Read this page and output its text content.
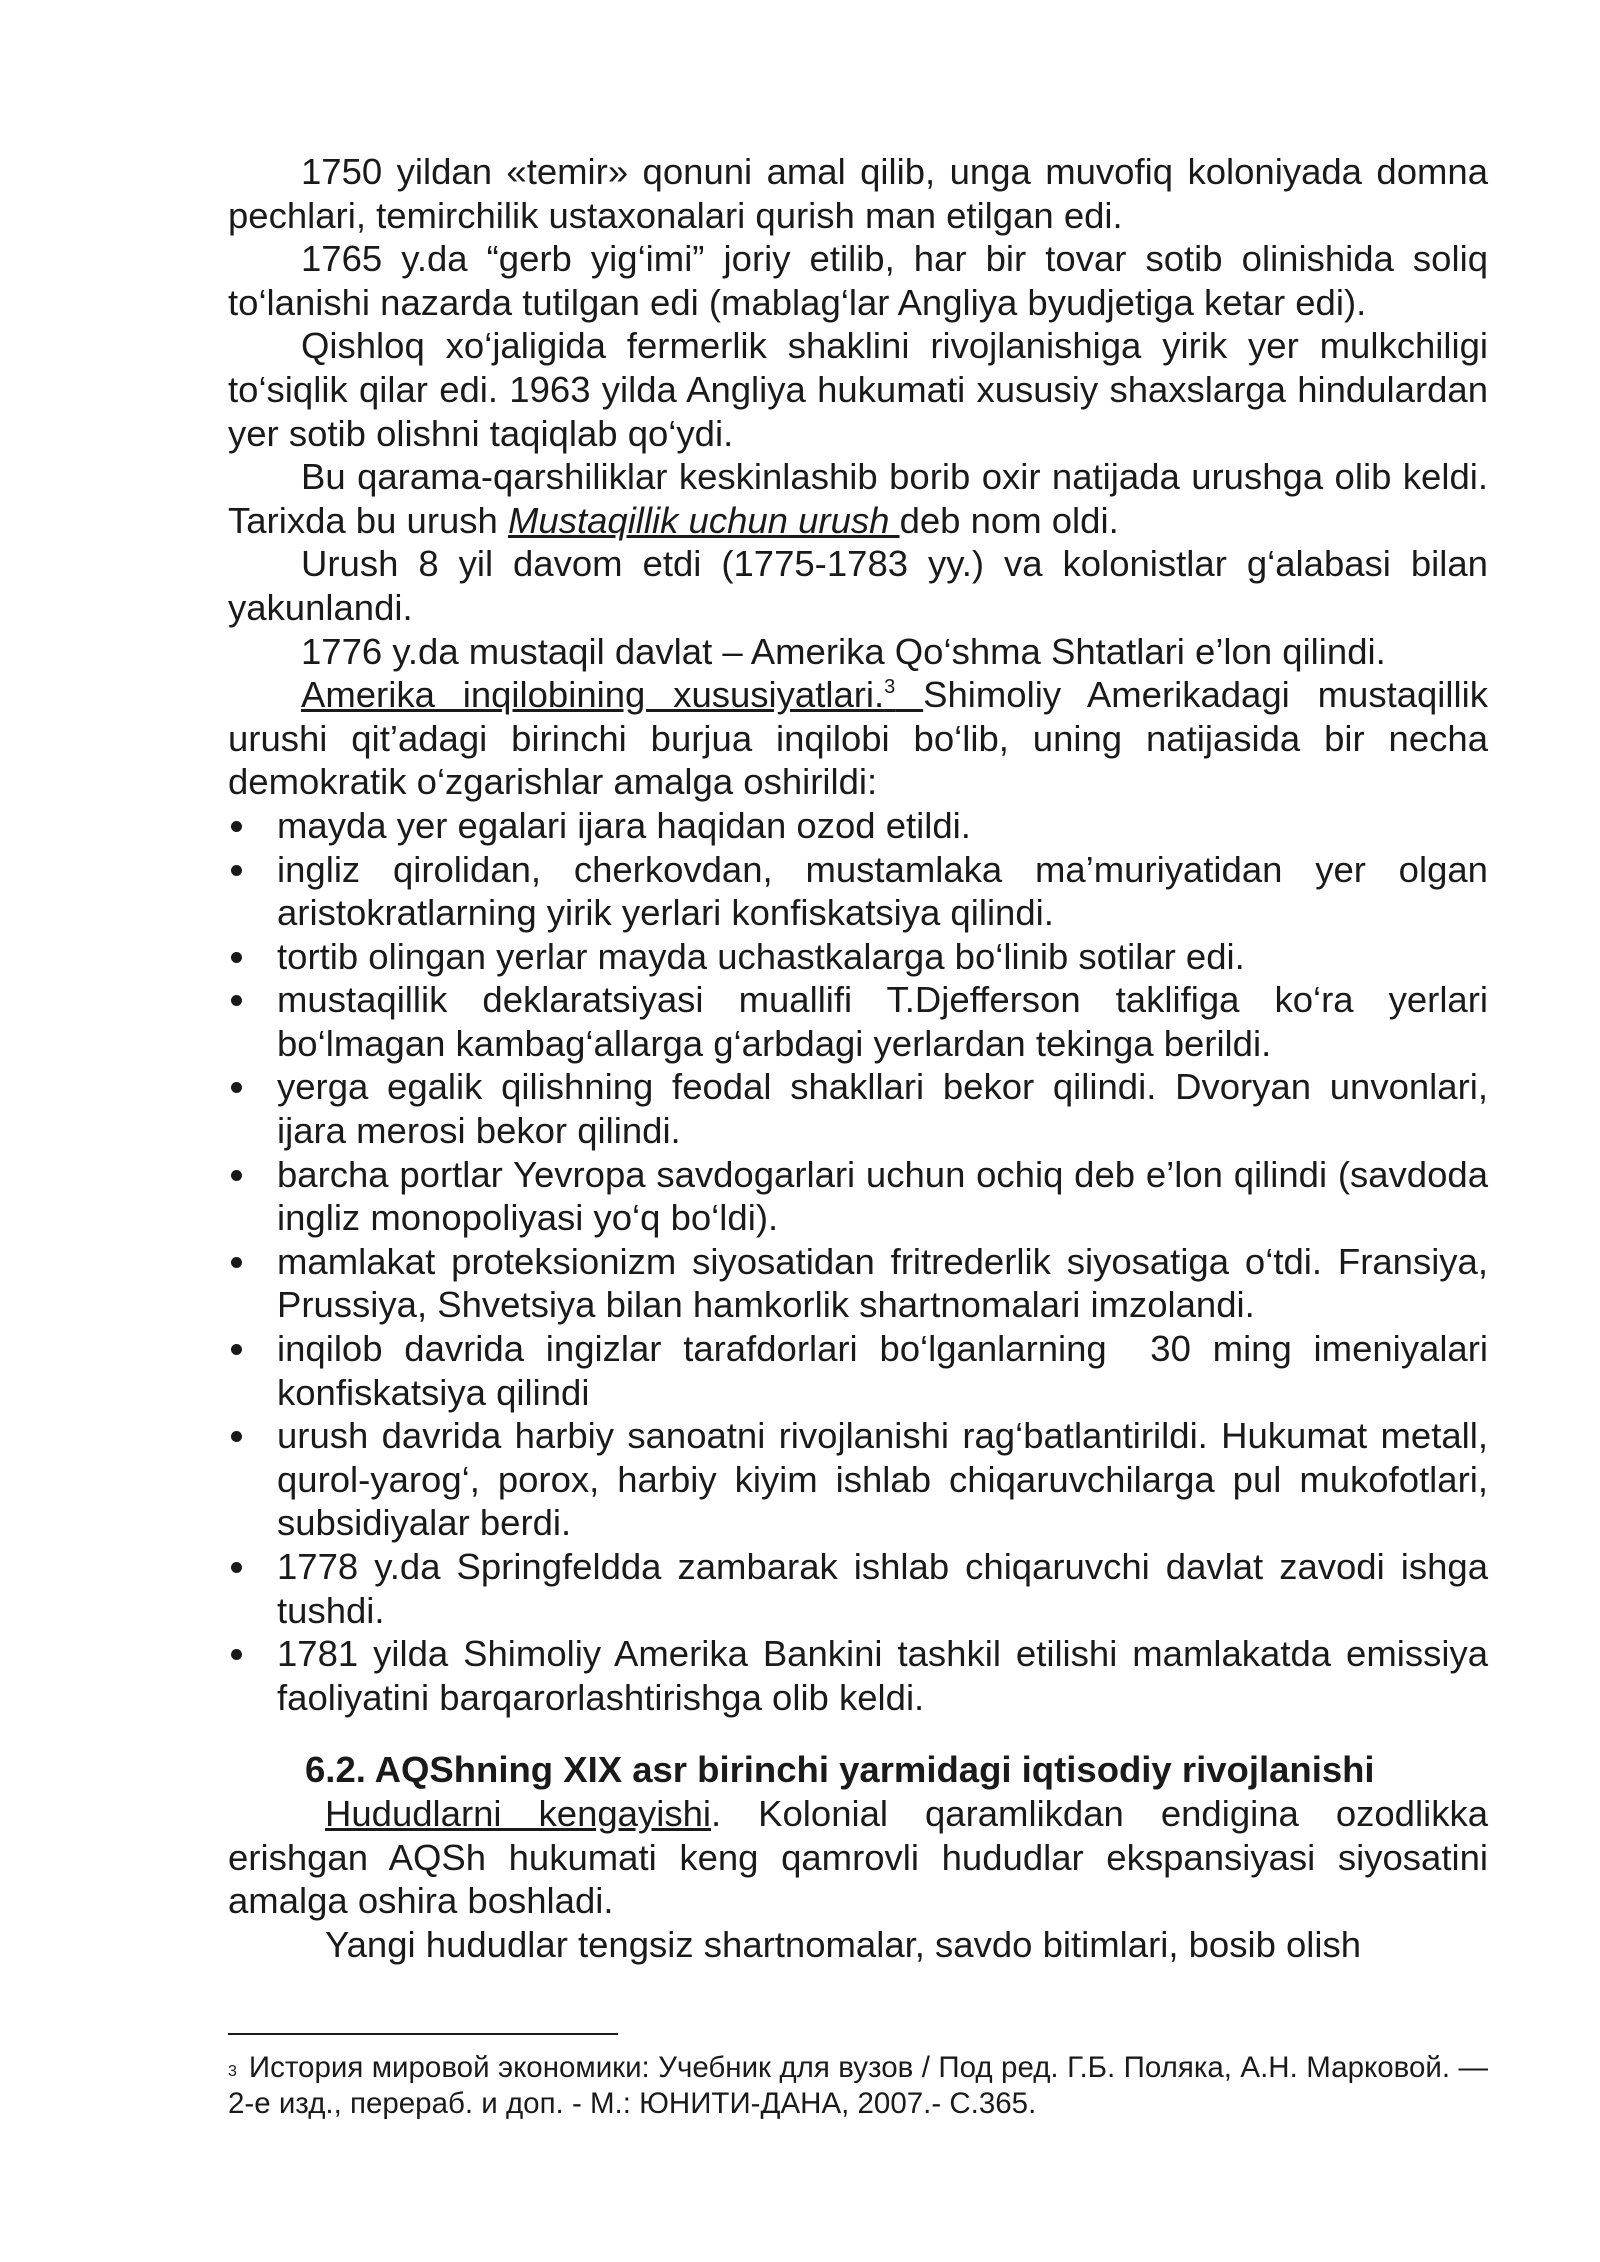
1750 yildan «temir» qonuni amal qilib, unga muvofiq koloniyada domna pechlari, temirchilik ustaxonalari qurish man etilgan edi.

1765 y.da “gerb yig‘imi” joriy etilib, har bir tovar sotib olinishida soliq to‘lanishi nazarda tutilgan edi (mablag‘lar Angliya byudjetiga ketar edi).

Qishloq xo‘jaligida fermerlik shaklini rivojlanishiga yirik yer mulkchiligi to‘siqlik qilar edi. 1963 yilda Angliya hukumati xususiy shaxslarga hindulardan yer sotib olishni taqiqlab qo‘ydi.

Bu qarama-qarshiliklar keskinlashib borib oxir natijada urushga olib keldi. Tarixda bu urush Mustaqillik uchun urush deb nom oldi.

Urush 8 yil davom etdi (1775-1783 yy.) va kolonistlar g‘alabasi bilan yakunlandi.

1776 y.da mustaqil davlat – Amerika Qo‘shma Shtatlari e’lon qilindi.

Amerika inqilobining xususiyatlari.$^3$ Shimoliy Amerikadagi mustaqillik urushi qit’adagi birinchi burjua inqilobi bo‘lib, uning natijasida bir necha demokratik o‘zgarishlar amalga oshirildi:

mayda yer egalari ijara haqidan ozod etildi.
ingliz qirolidan, cherkovdan, mustamlaka ma’muriyatidan yer olgan aristokratlarning yirik yerlari konfiskatsiya qilindi.
tortib olingan yerlar mayda uchastkalarga bo‘linib sotilar edi.
mustaqillik deklaratsiyasi muallifi T.Djefferson taklifiga ko‘ra yerlari bo‘lmagan kambag‘allarga g‘arbdagi yerlardan tekinga berildi.
yerga egalik qilishning feodal shakllari bekor qilindi. Dvoryan unvonlari, ijara merosi bekor qilindi.
barcha portlar Yevropa savdogarlari uchun ochiq deb e’lon qilindi (savdoda ingliz monopoliyasi yo‘q bo‘ldi).
mamlakat proteksionizm siyosatidan fritrederlik siyosatiga o‘tdi. Fransiya, Prussiya, Shvetsiya bilan hamkorlik shartnomalari imzolandi.
inqilob davrida ingizlar tarafdorlari bo‘lganlarning  30 ming imeniyalari konfiskatsiya qilindi
urush davrida harbiy sanoatni rivojlanishi rag‘batlantirildi. Hukumat metall, qurol-yarog‘, porox, harbiy kiyim ishlab chiqaruvchilarga pul mukofotlari, subsidiyalar berdi.
1778 y.da Springfeldda zambarak ishlab chiqaruvchi davlat zavodi ishga tushdi.
1781 yilda Shimoliy Amerika Bankini tashkil etilishi mamlakatda emissiya faoliyatini barqarorlashtirishga olib keldi.
6.2. AQShning XIX asr birinchi yarmidagi iqtisodiy rivojlanishi

Hududlarni kengayishi. Kolonial qaramlikdan endigina ozodlikka erishgan AQSh hukumati keng qamrovli hududlar ekspansiyasi siyosatini amalga oshira boshladi.

Yangi hududlar tengsiz shartnomalar, savdo bitimlari, bosib olish

$^3$ История мировой экономики: Учебник для вузов / Под ред. Г.Б. Поляка, А.Н. Марковой. — 2-е изд., перераб. и доп. - М.: ЮНИТИ-ДАНА, 2007.- С.365.
